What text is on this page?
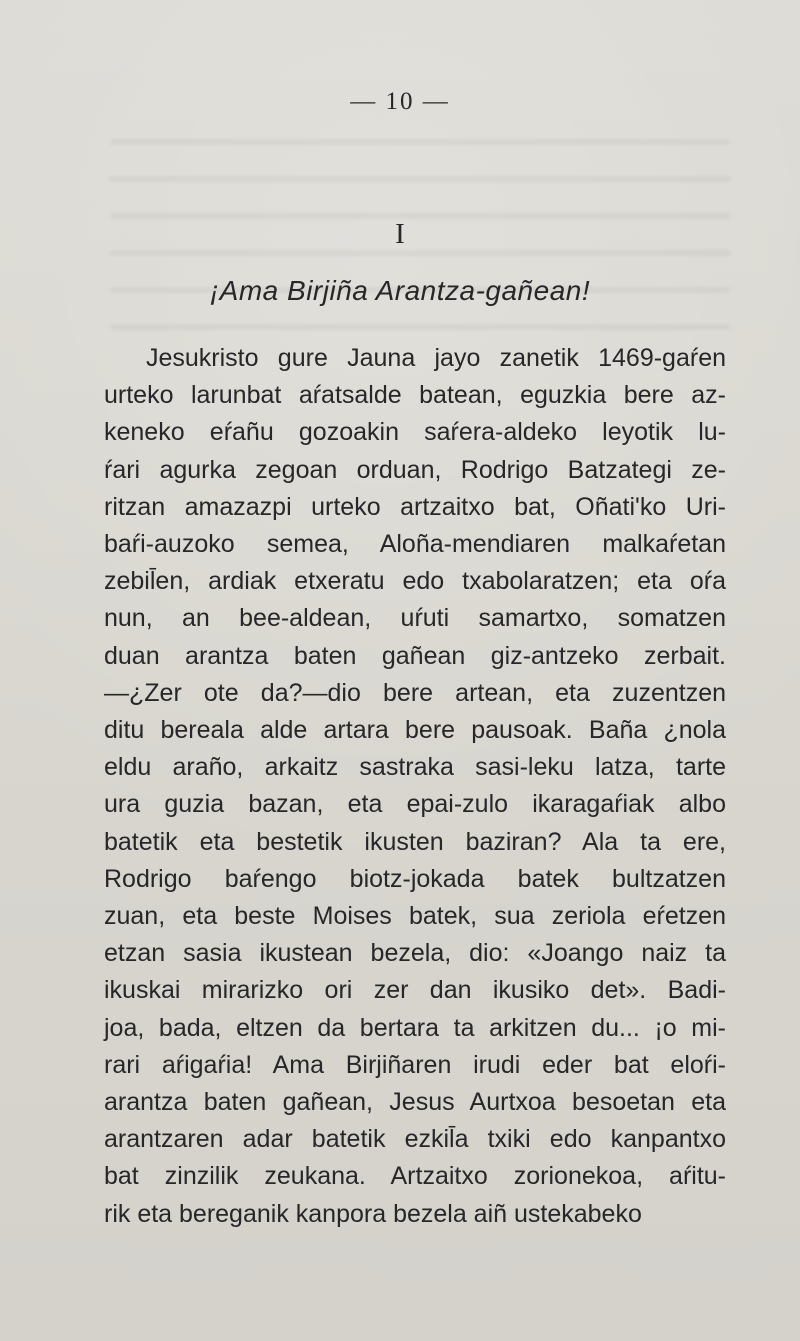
— 10 —
I
¡Ama Birjiña Arantza-gañean!
Jesukristo gure Jauna jayo zanetik 1469-gaŕen
urteko larunbat aŕatsalde batean, eguzkia bere az-
keneko eŕañu gozoakin saŕera-aldeko leyotik lu-
ŕari agurka zegoan orduan, Rodrigo Batzategi ze-
ritzan amazazpi urteko artzaitxo bat, Oñati'ko Uri-
baŕi-auzoko semea, Aloña-mendiaren malkaŕetan
zebil̄en, ardiak etxeratu edo txabolaratzen; eta oŕa
nun, an bee-aldean, uŕuti samartxo, somatzen
duan arantza baten gañean giz-antzeko zerbait.
—¿Zer ote da?—dio bere artean, eta zuzentzen
ditu bereala alde artara bere pausoak. Baña ¿nola
eldu araño, arkaitz sastraka sasi-leku latza, tarte
ura guzia bazan, eta epai-zulo ikaragaŕiak albo
batetik eta bestetik ikusten baziran? Ala ta ere,
Rodrigo baŕengo biotz-jokada batek bultzatzen
zuan, eta beste Moises batek, sua zeriola eŕetzen
etzan sasia ikustean bezela, dio: «Joango naiz ta
ikuskai mirarizko ori zer dan ikusiko det». Badi-
joa, bada, eltzen da bertara ta arkitzen du... ¡o mi-
rari aŕigaŕia! Ama Birjiñaren irudi eder bat eloŕi-
arantza baten gañean, Jesus Aurtxoa besoetan eta
arantzaren adar batetik ezkil̄a txiki edo kanpantxo
bat zinzilik zeukana. Artzaitxo zorionekoa, aŕitu-
rik eta bereganik kanpora bezela aiñ ustekabeko
